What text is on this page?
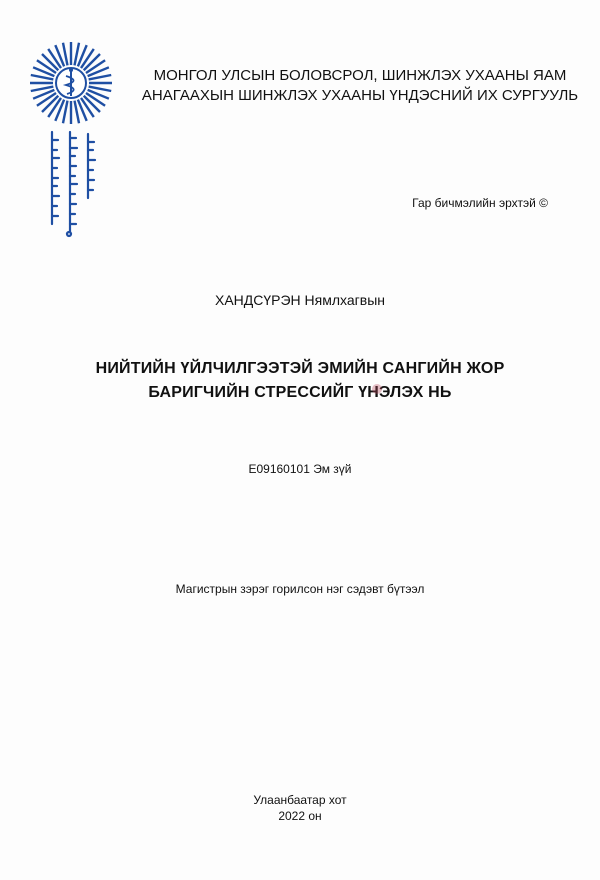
МОНГОЛ УЛСЫН БОЛОВСРОЛ, ШИНЖЛЭХ УХААНЫ ЯАМ
АНАГААХЫН ШИНЖЛЭХ УХААНЫ ҮНДЭСНИЙ ИХ СУРГУУЛЬ
Гар бичмэлийн эрхтэй ©
ХАНДСҮРЭН Нямлхагвын
НИЙТИЙН ҮЙЛЧИЛГЭЭТЭЙ ЭМИЙН САНГИЙН ЖОР
БАРИГЧИЙН СТРЕССИЙГ ҮНЭЛЭХ НЬ
E09160101 Эм зүй
Магистрын зэрэг горилсон нэг сэдэвт бүтээл
Улаанбаатар хот
2022 он
